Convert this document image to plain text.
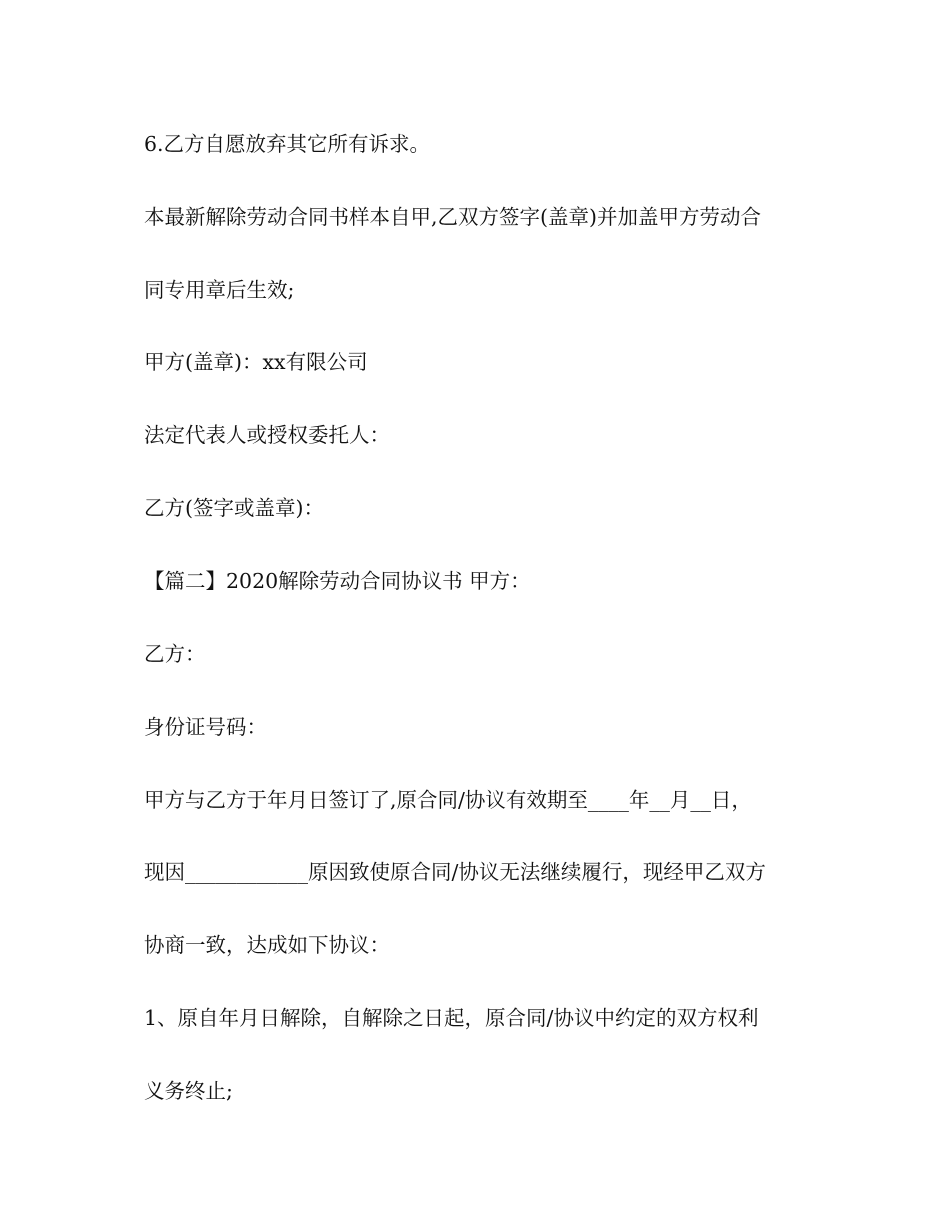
6.乙方自愿放弃其它所有诉求。

本最新解除劳动合同书样本自甲,乙双方签字(盖章)并加盖甲方劳动合

同专用章后生效;

甲方(盖章)：xx有限公司

法定代表人或授权委托人：

乙方(签字或盖章)：

【篇二】2020解除劳动合同协议书 甲方：

乙方：

身份证号码：

甲方与乙方于年月日签订了,原合同/协议有效期至____年__月__日，

现因____________原因致使原合同/协议无法继续履行，现经甲乙双方

协商一致，达成如下协议：

1、原自年月日解除，自解除之日起，原合同/协议中约定的双方权利

义务终止;
